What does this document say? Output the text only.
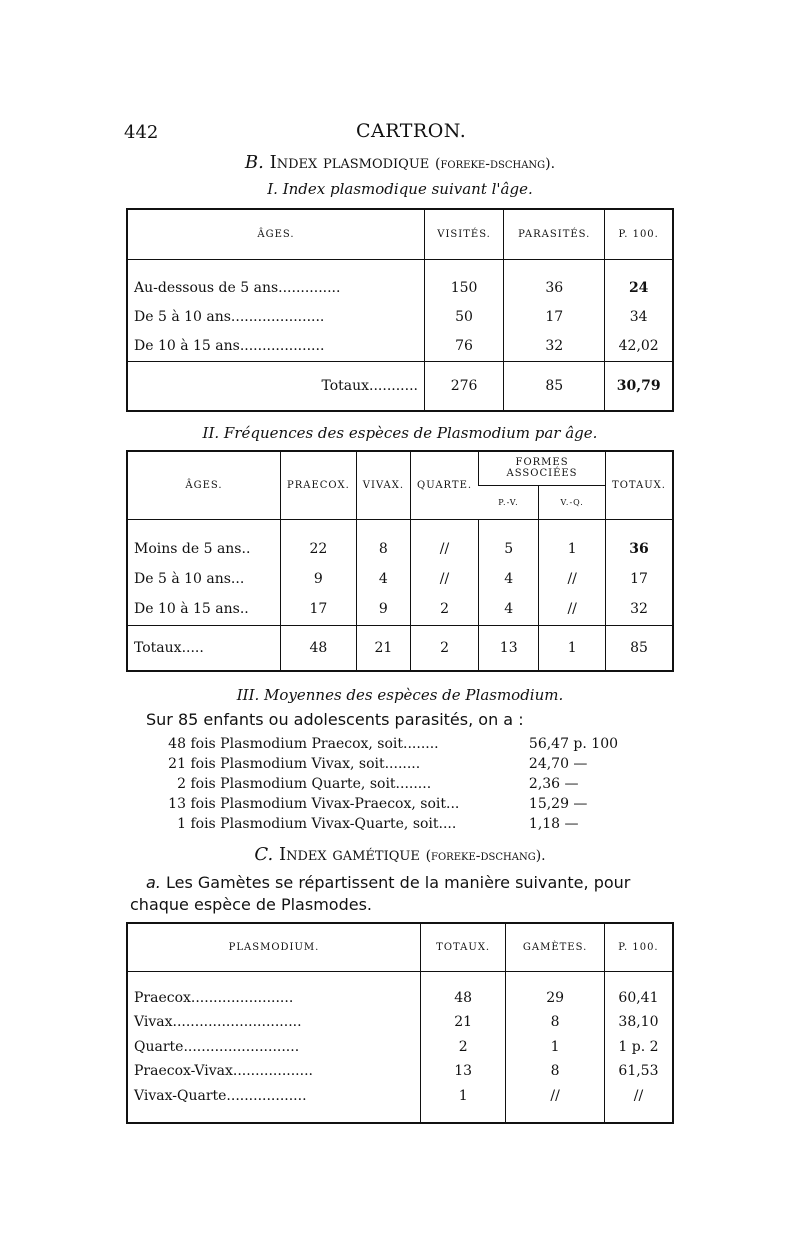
442	CARTRON.
B. Index plasmodique (foreke-dschang).
I. Index plasmodique suivant l'âge.
ÂGES.	VISITÉS.	PARASITÉS.	P. 100.

Au-dessous de 5 ans..............	150	36	24
De 5 à 10 ans.....................	50	17	34
De 10 à 15 ans...................	76	32	42,02
Totaux...........	276	85	30,79
II. Fréquences des espèces de Plasmodium par âge.
ÂGES.	PRAECOX.	VIVAX.	QUARTE.	FORMES ASSOCIÉES		TOTAUX.
				P.-V.	V.-Q.	

Moins de 5 ans..	22	8	//	5	1	36
De 5 à 10 ans...	9	4	//	4	//	17
De 10 à 15 ans..	17	9	2	4	//	32
Totaux.....	48	21	2	13	1	85
III. Moyennes des espèces de Plasmodium.
Sur 85 enfants ou adolescents parasités, on a :
48 fois Plasmodium Praecox, soit........	56,47 p. 100
21 fois Plasmodium Vivax, soit........	24,70 —
2 fois Plasmodium Quarte, soit........	2,36 —
13 fois Plasmodium Vivax-Praecox, soit...	15,29 —
1 fois Plasmodium Vivax-Quarte, soit....	1,18 —
C. Index gamétique (foreke-dschang).
a. Les Gamètes se répartissent de la manière suivante, pour chaque espèce de Plasmodes.
PLASMODIUM.	TOTAUX.	GAMÈTES.	P. 100.

Praecox.......................	48	29	60,41
Vivax.............................	21	8	38,10
Quarte..........................	2	1	1 p. 2
Praecox-Vivax..................	13	8	61,53
Vivax-Quarte..................	1	//	//
